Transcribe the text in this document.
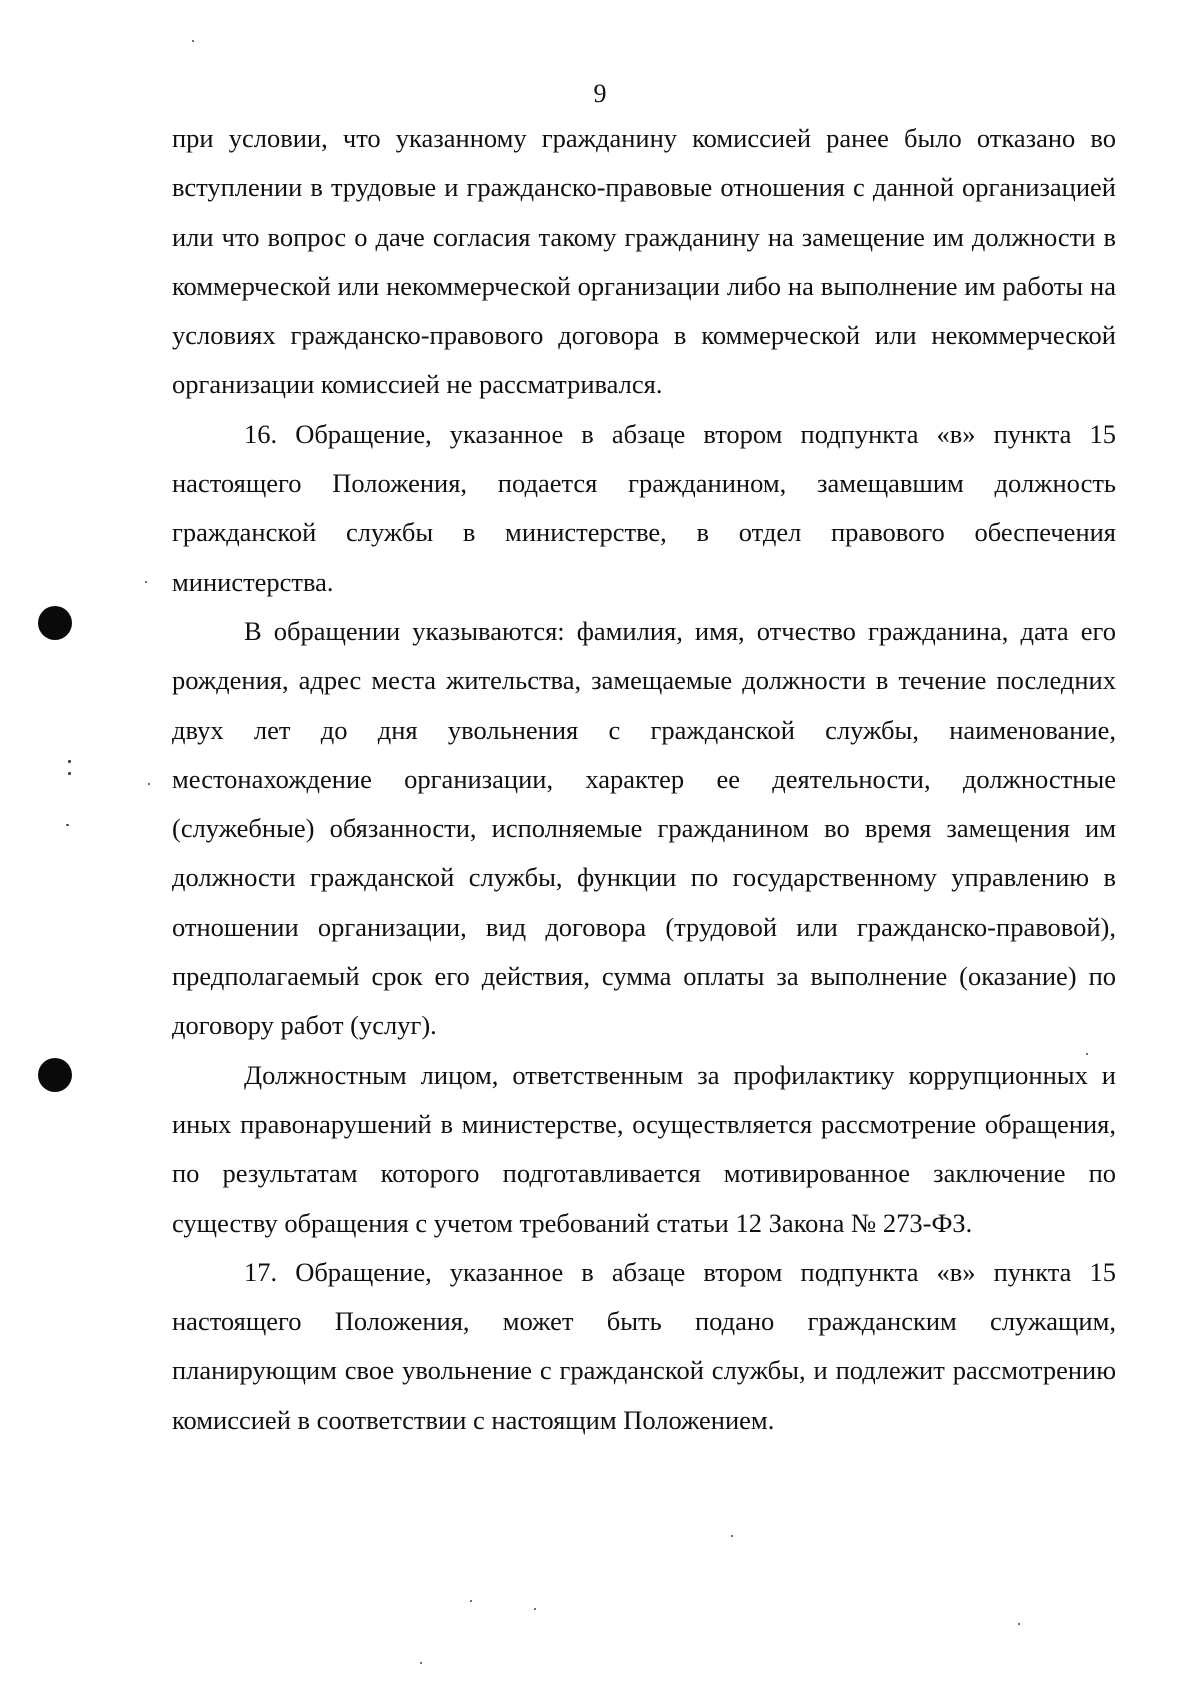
9

при условии, что указанному гражданину комиссией ранее было отказано во вступлении в трудовые и гражданско-правовые отношения с данной организацией или что вопрос о даче согласия такому гражданину на замещение им должности в коммерческой или некоммерческой организации либо на выполнение им работы на условиях гражданско-правового договора в коммерческой или некоммерческой организации комиссией не рассматривался.

16. Обращение, указанное в абзаце втором подпункта «в» пункта 15 настоящего Положения, подается гражданином, замещавшим должность гражданской службы в министерстве, в отдел правового обеспечения министерства.

В обращении указываются: фамилия, имя, отчество гражданина, дата его рождения, адрес места жительства, замещаемые должности в течение последних двух лет до дня увольнения с гражданской службы, наименование, местонахождение организации, характер ее деятельности, должностные (служебные) обязанности, исполняемые гражданином во время замещения им должности гражданской службы, функции по государственному управлению в отношении организации, вид договора (трудовой или гражданско-правовой), предполагаемый срок его действия, сумма оплаты за выполнение (оказание) по договору работ (услуг).

Должностным лицом, ответственным за профилактику коррупционных и иных правонарушений в министерстве, осуществляется рассмотрение обращения, по результатам которого подготавливается мотивированное заключение по существу обращения с учетом требований статьи 12 Закона № 273-ФЗ.

17. Обращение, указанное в абзаце втором подпункта «в» пункта 15 настоящего Положения, может быть подано гражданским служащим, планирующим свое увольнение с гражданской службы, и подлежит рассмотрению комиссией в соответствии с настоящим Положением.
